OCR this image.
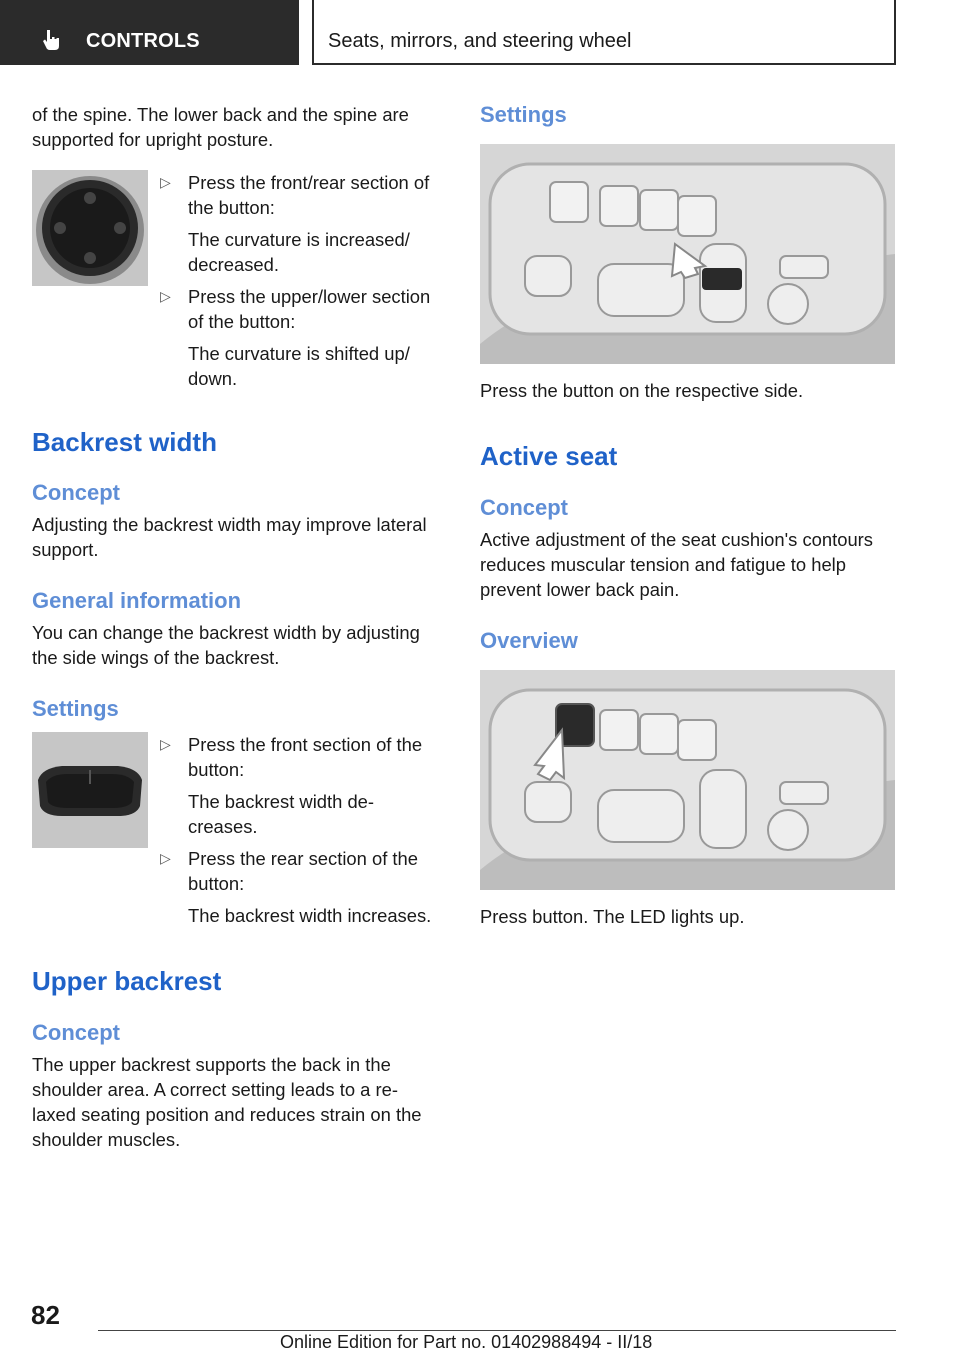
CONTROLS	Seats, mirrors, and steering wheel

of the spine. The lower back and the spine are supported for upright posture.

▷ Press the front/rear section of the button:
The curvature is increased/ decreased.
▷ Press the upper/lower section of the button:
The curvature is shifted up/ down.
Backrest width
Concept

Adjusting the backrest width may improve lateral support.

General information

You can change the backrest width by adjusting the side wings of the backrest.

Settings
▷ Press the front section of the button:
The backrest width de- creases.
▷ Press the rear section of the button:
The backrest width increases.
Upper backrest
Concept

The upper backrest supports the back in the shoulder area. A correct setting leads to a re- laxed seating position and reduces strain on the shoulder muscles.

Settings

Press the button on the respective side.

Active seat
Concept

Active adjustment of the seat cushion's contours reduces muscular tension and fatigue to help prevent lower back pain.

Overview

Press button. The LED lights up.

82
Online Edition for Part no. 01402988494 - II/18
